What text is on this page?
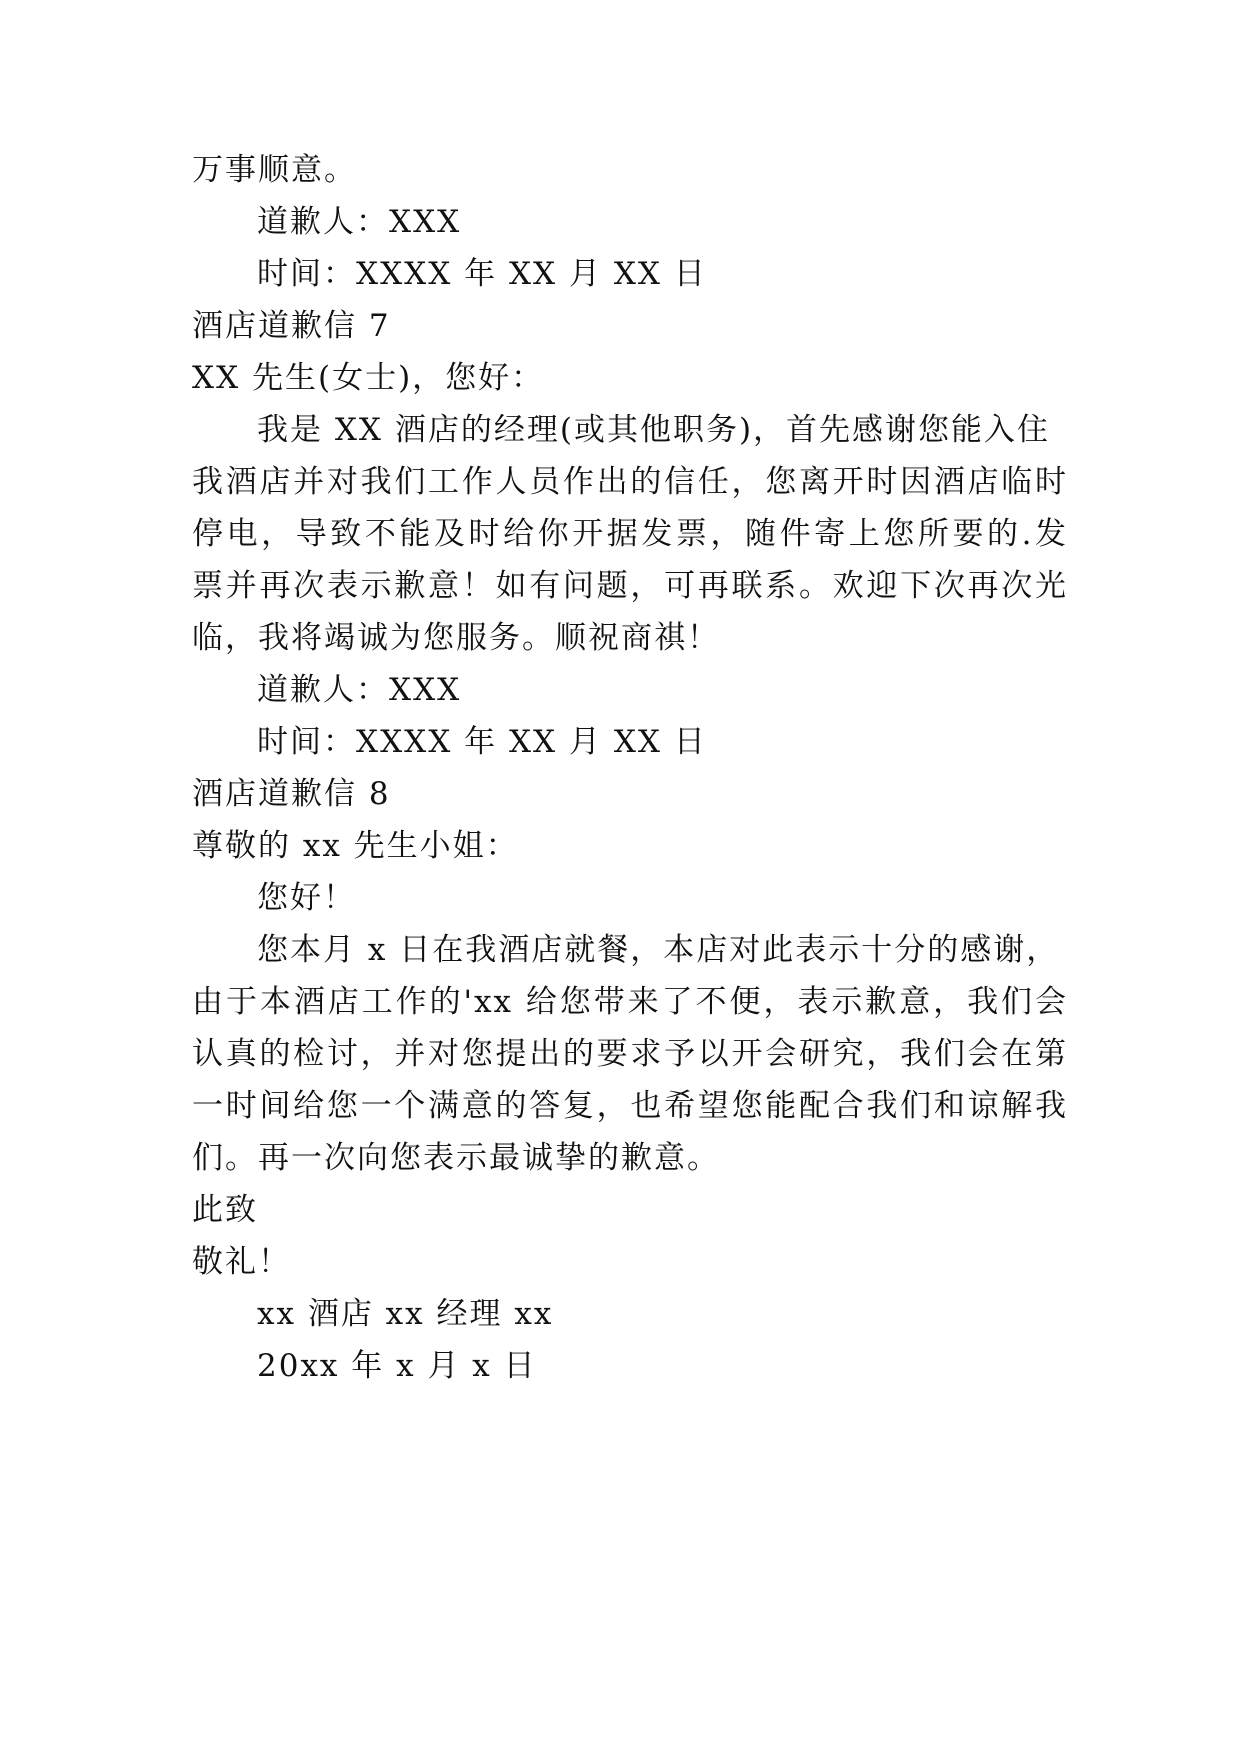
万事顺意。
道歉人：XXX
时间：XXXX 年 XX 月 XX 日
酒店道歉信 7
XX 先生(女士)，您好：
我是 XX 酒店的经理(或其他职务)，首先感谢您能入住
我酒店并对我们工作人员作出的信任，您离开时因酒店临时
停电，导致不能及时给你开据发票，随件寄上您所要的.发
票并再次表示歉意！如有问题，可再联系。欢迎下次再次光
临，我将竭诚为您服务。顺祝商祺！
道歉人：XXX
时间：XXXX 年 XX 月 XX 日
酒店道歉信 8
尊敬的 xx 先生小姐：
您好！
您本月 x 日在我酒店就餐，本店对此表示十分的感谢，
由于本酒店工作的'xx 给您带来了不便，表示歉意，我们会
认真的检讨，并对您提出的要求予以开会研究，我们会在第
一时间给您一个满意的答复，也希望您能配合我们和谅解我
们。再一次向您表示最诚挚的歉意。
此致
敬礼！
xx 酒店 xx 经理 xx
20xx 年 x 月 x 日
